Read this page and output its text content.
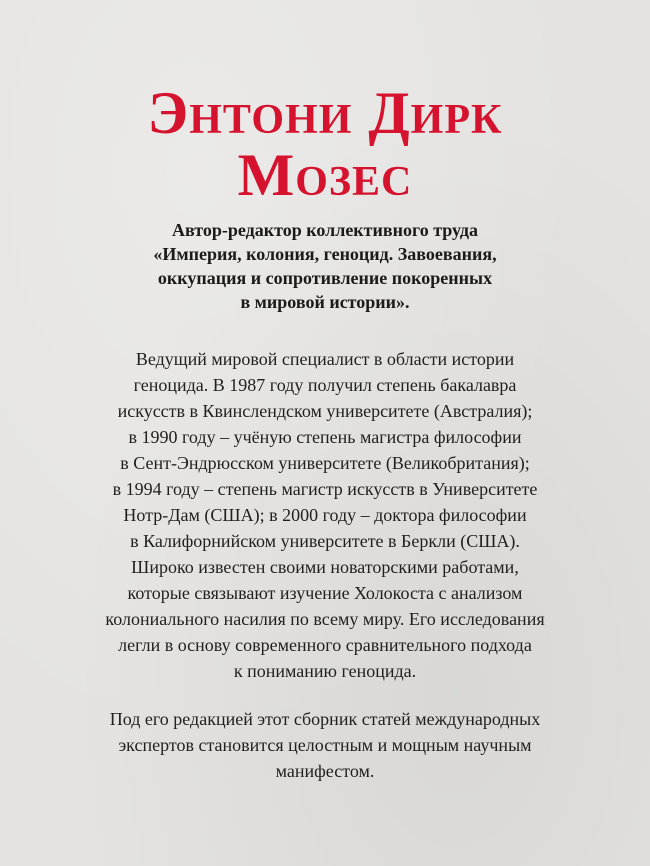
Энтони Дирк
Мозес
Автор-редактор коллективного труда
«Империя, колония, геноцид. Завоевания,
оккупация и сопротивление покоренных
в мировой истории».
Ведущий мировой специалист в области истории
геноцида. В 1987 году получил степень бакалавра
искусств в Квинслендском университете (Австралия);
в 1990 году – учёную степень магистра философии
в Сент-Эндрюсском университете (Великобритания);
в 1994 году – степень магистр искусств в Университете
Нотр-Дам (США); в 2000 году – доктора философии
в Калифорнийском университете в Беркли (США).
Широко известен своими новаторскими работами,
которые связывают изучение Холокоста с анализом
колониального насилия по всему миру. Его исследования
легли в основу современного сравнительного подхода
к пониманию геноцида.
Под его редакцией этот сборник статей международных
экспертов становится целостным и мощным научным
манифестом.
